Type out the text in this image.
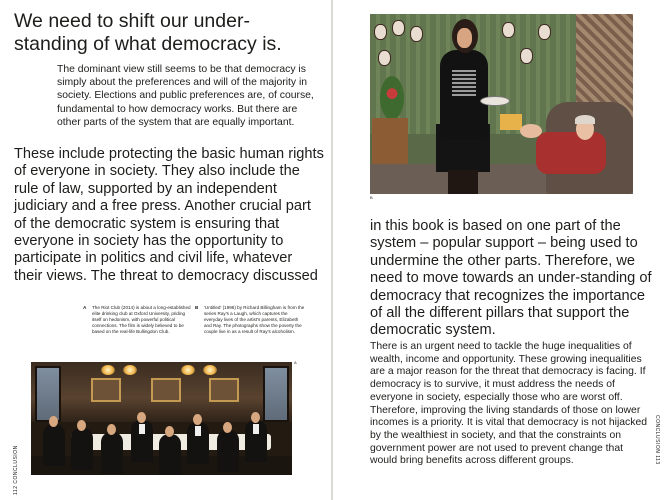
We need to shift our under-
standing of what democracy is.

The dominant view still seems to be that democracy is simply about the preferences and will of the majority in society. Elections and public preferences are, of course, fundamental to how democracy works. But there are other parts of the system that are equally important.

These include protecting the basic human rights of everyone in society. They also include the rule of law, supported by an independent judiciary and a free press. Another crucial part of the democratic system is ensuring that everyone in society has the opportunity to participate in politics and civil life, whatever their views. The threat to democracy discussed

A The Riot Club (2014) is about a long-established elite drinking club at Oxford University, priding itself on hedonism, with powerful political connections. The film is widely believed to be based on the real-life Bullingdon Club.
B 'Untitled' (1996) by Richard Billingham is from the series Ray's a Laugh, which captures the everyday lives of the artist's parents, Elizabeth and Ray. The photographs show the poverty the couple live in as a result of Ray's alcoholism.
A
112 CONCLUSION
B

in this book is based on one part of the system – popular support – being used to undermine the other parts. Therefore, we need to move towards an under-standing of democracy that recognizes the importance of all the different pillars that support the democratic system.

There is an urgent need to tackle the huge inequalities of wealth, income and opportunity. These growing inequalities are a major reason for the threat that democracy is facing. If democracy is to survive, it must address the needs of everyone in society, especially those who are worst off. Therefore, improving the living standards of those on lower incomes is a priority. It is vital that democracy is not hijacked by the wealthiest in society, and that the constraints on government power are not used to prevent change that would bring benefits across different groups.	CONCLUSION 113
